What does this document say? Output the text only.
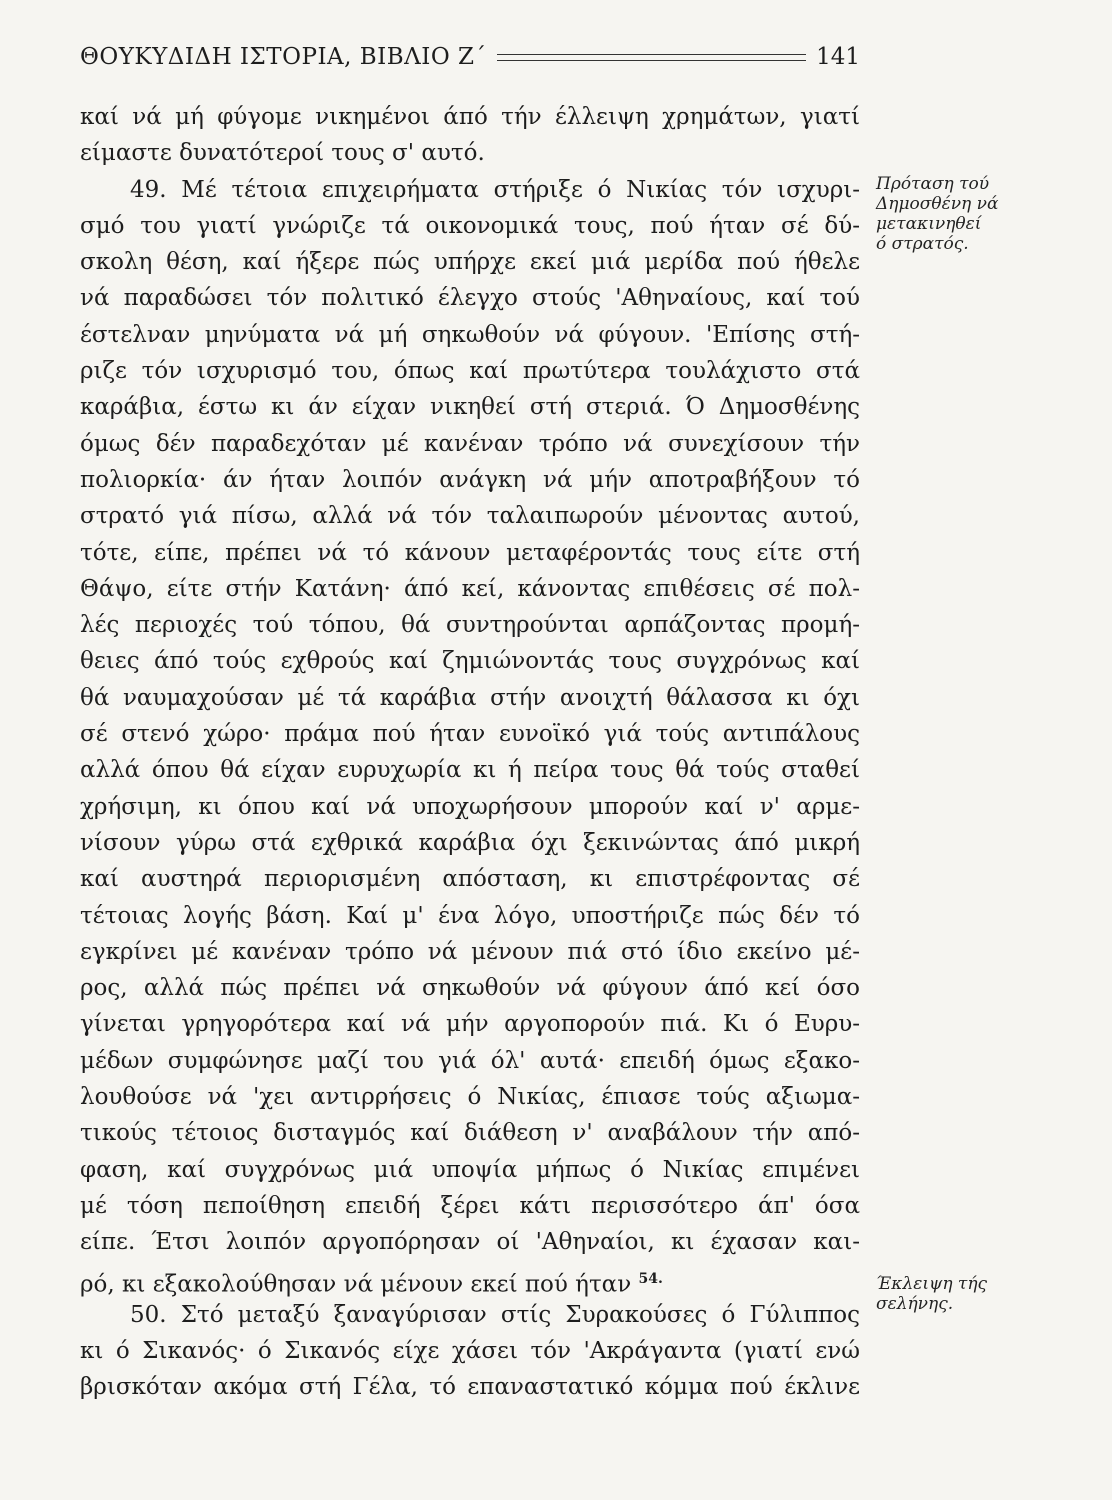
ΘΟΥΚΥΔΙΔΗ ΙΣΤΟΡΙΑ, ΒΙΒΛΙΟ Ζ΄	141
καί νά μή φύγομε νικημένοι άπό τήν έλλειψη χρημάτων, γιατί
είμαστε δυνατότεροί τους σ' αυτό.
49. Μέ τέτοια επιχειρήματα στήριξε ό Νικίας τόν ισχυρι-
σμό του γιατί γνώριζε τά οικονομικά τους, πού ήταν σέ δύ-
σκολη θέση, καί ήξερε πώς υπήρχε εκεί μιά μερίδα πού ήθελε
νά παραδώσει τόν πολιτικό έλεγχο στούς 'Αθηναίους, καί τού
έστελναν μηνύματα νά μή σηκωθούν νά φύγουν. 'Επίσης στή-
ριζε τόν ισχυρισμό του, όπως καί πρωτύτερα τουλάχιστο στά
καράβια, έστω κι άν είχαν νικηθεί στή στεριά. Ό Δημοσθένης
όμως δέν παραδεχόταν μέ κανέναν τρόπο νά συνεχίσουν τήν
πολιορκία· άν ήταν λοιπόν ανάγκη νά μήν αποτραβήξουν τό
στρατό γιά πίσω, αλλά νά τόν ταλαιπωρούν μένοντας αυτού,
τότε, είπε, πρέπει νά τό κάνουν μεταφέροντάς τους είτε στή
Θάψο, είτε στήν Κατάνη· άπό κεί, κάνοντας επιθέσεις σέ πολ-
λές περιοχές τού τόπου, θά συντηρούνται αρπάζοντας προμή-
θειες άπό τούς εχθρούς καί ζημιώνοντάς τους συγχρόνως καί
θά ναυμαχούσαν μέ τά καράβια στήν ανοιχτή θάλασσα κι όχι
σέ στενό χώρο· πράμα πού ήταν ευνοϊκό γιά τούς αντιπάλους
αλλά όπου θά είχαν ευρυχωρία κι ή πείρα τους θά τούς σταθεί
χρήσιμη, κι όπου καί νά υποχωρήσουν μπορούν καί ν' αρμε-
νίσουν γύρω στά εχθρικά καράβια όχι ξεκινώντας άπό μικρή
καί αυστηρά περιορισμένη απόσταση, κι επιστρέφοντας σέ
τέτοιας λογής βάση. Καί μ' ένα λόγο, υποστήριζε πώς δέν τό
εγκρίνει μέ κανέναν τρόπο νά μένουν πιά στό ίδιο εκείνο μέ-
ρος, αλλά πώς πρέπει νά σηκωθούν νά φύγουν άπό κεί όσο
γίνεται γρηγορότερα καί νά μήν αργοπορούν πιά. Κι ό Ευρυ-
μέδων συμφώνησε μαζί του γιά όλ' αυτά· επειδή όμως εξακο-
λουθούσε νά 'χει αντιρρήσεις ό Νικίας, έπιασε τούς αξιωμα-
τικούς τέτοιος δισταγμός καί διάθεση ν' αναβάλουν τήν από-
φαση, καί συγχρόνως μιά υποψία μήπως ό Νικίας επιμένει
μέ τόση πεποίθηση επειδή ξέρει κάτι περισσότερο άπ' όσα
είπε. Έτσι λοιπόν αργοπόρησαν οί 'Αθηναίοι, κι έχασαν και-
ρό, κι εξακολούθησαν νά μένουν εκεί πού ήταν $^{54.}$
50. Στό μεταξύ ξαναγύρισαν στίς Συρακούσες ό Γύλιππος
κι ό Σικανός· ό Σικανός είχε χάσει τόν 'Ακράγαντα (γιατί ενώ
βρισκόταν ακόμα στή Γέλα, τό επαναστατικό κόμμα πού έκλινε
Πρόταση τού
Δημοσθένη νά
μετακινηθεί
ό στρατός.
Έκλειψη τής
σελήνης.
